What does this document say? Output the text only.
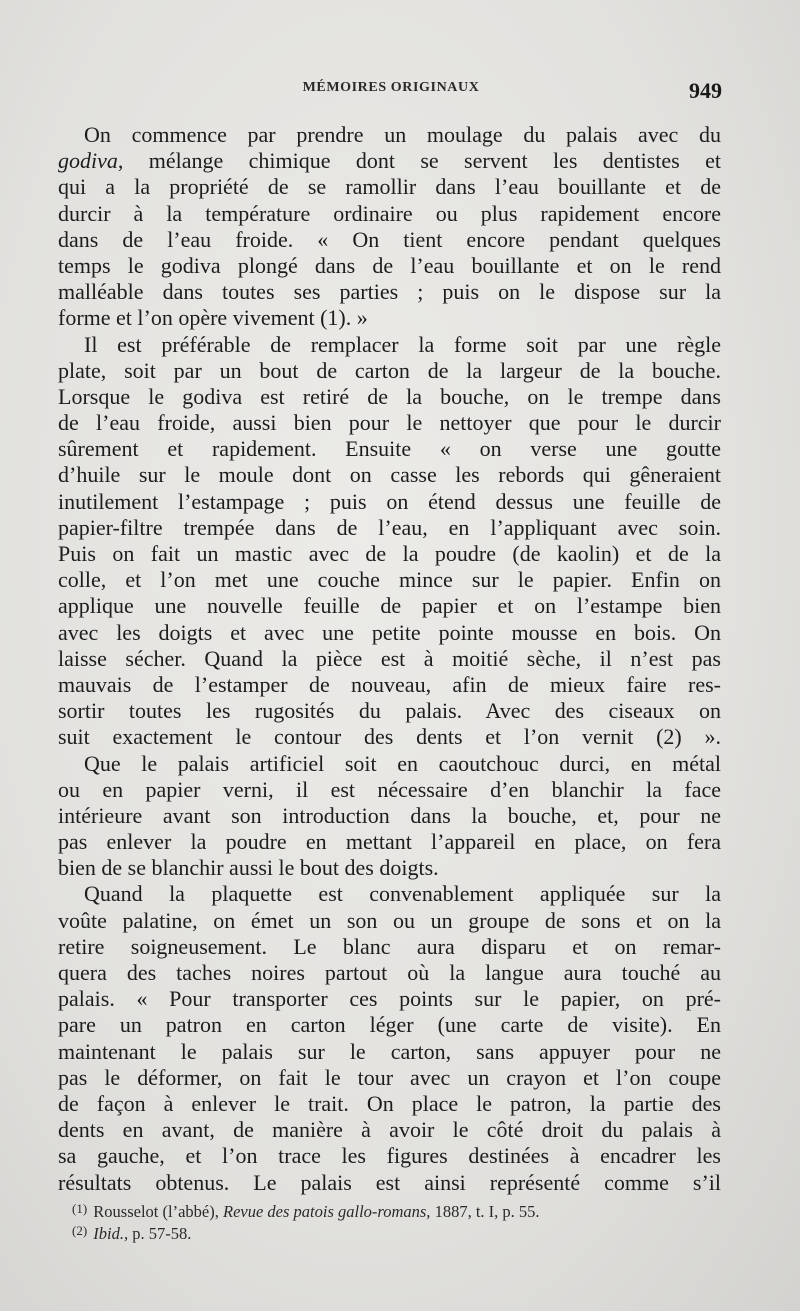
MÉMOIRES ORIGINAUX	949
On commence par prendre un moulage du palais avec du
godiva, mélange chimique dont se servent les dentistes et
qui a la propriété de se ramollir dans l’eau bouillante et de
durcir à la température ordinaire ou plus rapidement encore
dans de l’eau froide. « On tient encore pendant quelques
temps le godiva plongé dans de l’eau bouillante et on le rend
malléable dans toutes ses parties ; puis on le dispose sur la
forme et l’on opère vivement (1). »
Il est préférable de remplacer la forme soit par une règle
plate, soit par un bout de carton de la largeur de la bouche.
Lorsque le godiva est retiré de la bouche, on le trempe dans
de l’eau froide, aussi bien pour le nettoyer que pour le durcir
sûrement et rapidement. Ensuite « on verse une goutte
d’huile sur le moule dont on casse les rebords qui gêneraient
inutilement l’estampage ; puis on étend dessus une feuille de
papier-filtre trempée dans de l’eau, en l’appliquant avec soin.
Puis on fait un mastic avec de la poudre (de kaolin) et de la
colle, et l’on met une couche mince sur le papier. Enfin on
applique une nouvelle feuille de papier et on l’estampe bien
avec les doigts et avec une petite pointe mousse en bois. On
laisse sécher. Quand la pièce est à moitié sèche, il n’est pas
mauvais de l’estamper de nouveau, afin de mieux faire res-
sortir toutes les rugosités du palais. Avec des ciseaux on
suit exactement le contour des dents et l’on vernit (2) ».
Que le palais artificiel soit en caoutchouc durci, en métal
ou en papier verni, il est nécessaire d’en blanchir la face
intérieure avant son introduction dans la bouche, et, pour ne
pas enlever la poudre en mettant l’appareil en place, on fera
bien de se blanchir aussi le bout des doigts.
Quand la plaquette est convenablement appliquée sur la
voûte palatine, on émet un son ou un groupe de sons et on la
retire soigneusement. Le blanc aura disparu et on remar-
quera des taches noires partout où la langue aura touché au
palais. « Pour transporter ces points sur le papier, on pré-
pare un patron en carton léger (une carte de visite). En
maintenant le palais sur le carton, sans appuyer pour ne
pas le déformer, on fait le tour avec un crayon et l’on coupe
de façon à enlever le trait. On place le patron, la partie des
dents en avant, de manière à avoir le côté droit du palais à
sa gauche, et l’on trace les figures destinées à encadrer les
résultats obtenus. Le palais est ainsi représenté comme s’il
$^{(1)}$ Rousselot (l’abbé), Revue des patois gallo-romans, 1887, t. I, p. 55.
$^{(2)}$ Ibid., p. 57-58.
